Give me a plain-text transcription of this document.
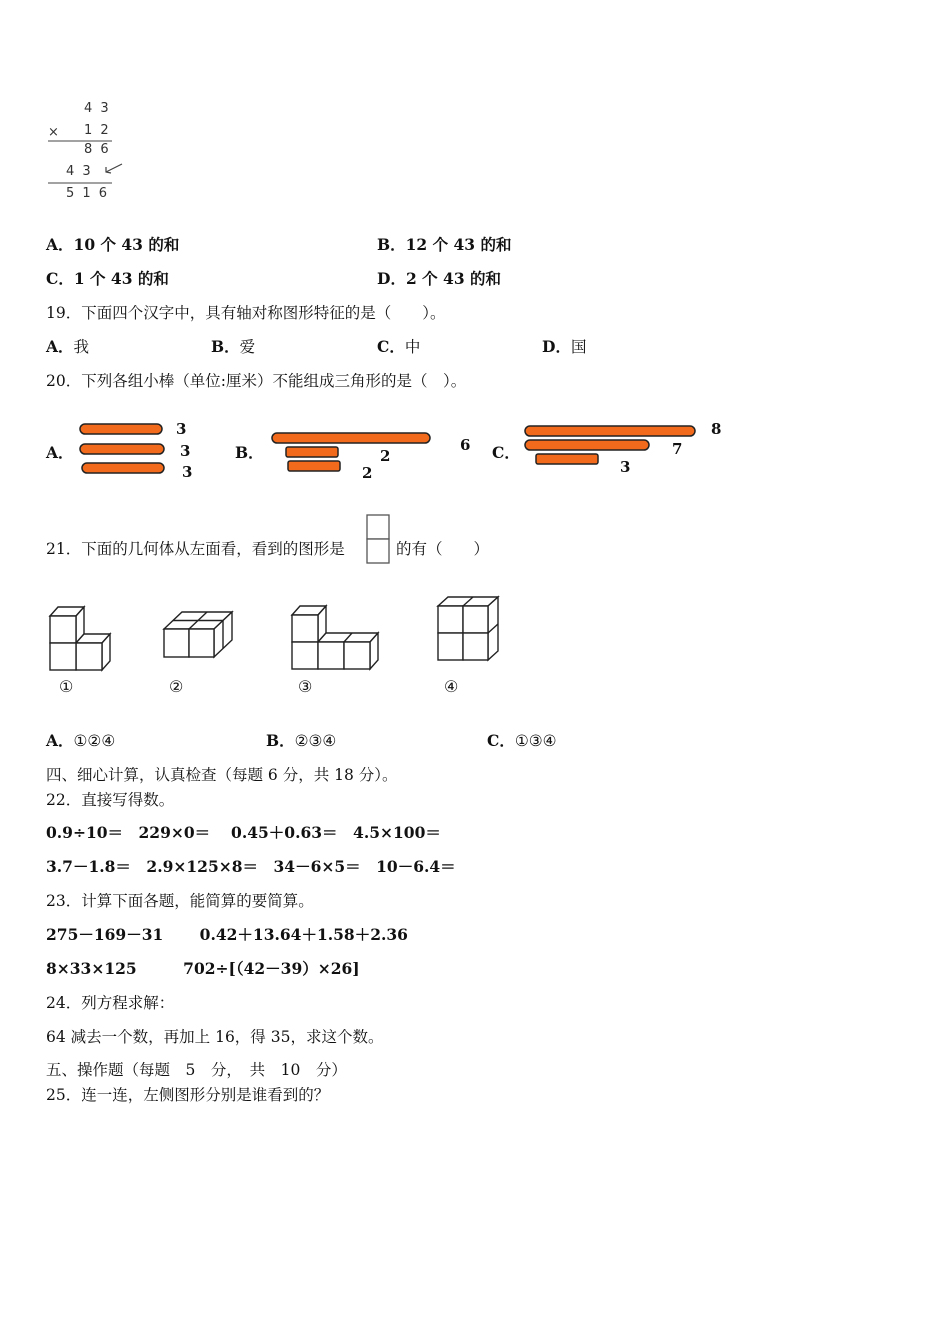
4 3
× 1 2
8 6
4 3
5 1 6
A．10 个 43 的和	B．12 个 43 的和
C．1 个 43 的和	D．2 个 43 的和
19．下面四个汉字中，具有轴对称图形特征的是（　　）。
A．我	B．爱	C．中	D．国
20．下列各组小棒（单位:厘米）不能组成三角形的是（　）。
A．
3
3
3
B．	6
2
2
C．
8
7
3
21．下面的几何体从左面看，看到的图形是	的有（　　）
①	②	③	④
A．①②④	B．②③④	C．①③④
四、细心计算，认真检查（每题 6 分，共 18 分）。
22．直接写得数。
0.9÷10＝　229×0＝　 0.45＋0.63＝　4.5×100＝
3.7－1.8＝　2.9×125×8＝　34－6×5＝　10－6.4＝
23．计算下面各题，能简算的要简算。
275－169－31　　 0.42＋13.64＋1.58＋2.36
8×33×125　　　702÷[（42－39）×26]
24．列方程求解：
64 减去一个数，再加上 16，得 35，求这个数。
五、操作题（每题　5　分，　共　10　分）
25．连一连，左侧图形分别是谁看到的？
